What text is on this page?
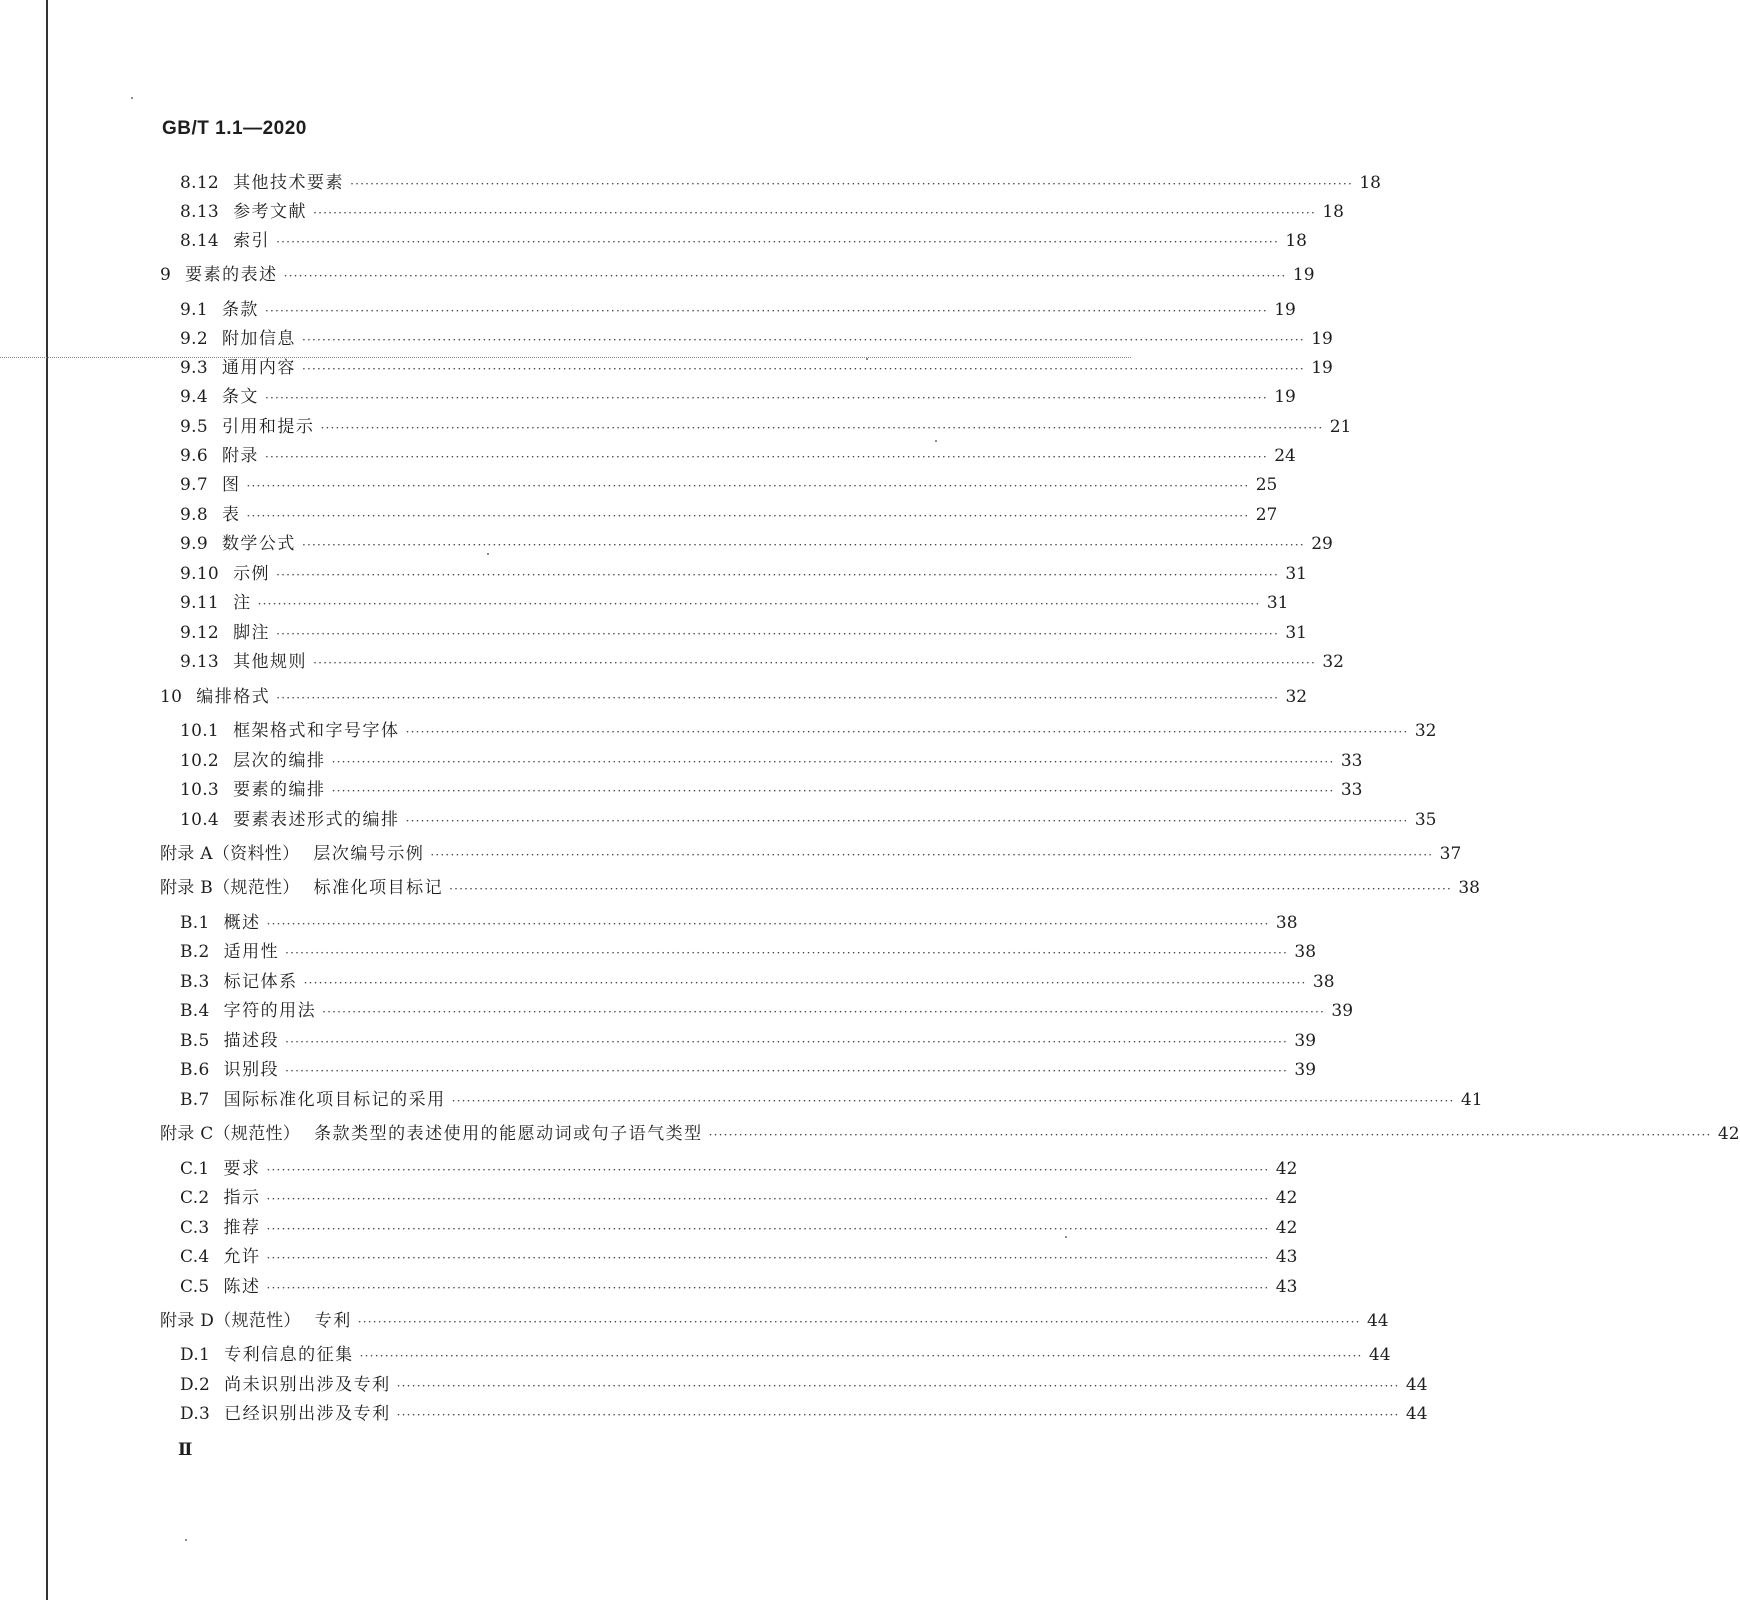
GB/T 1.1—2020
8.12 其他技术要素 ········································································································································································································ 18
8.13 参考文献 ········································································································································································································ 18
8.14 索引 ········································································································································································································ 18
9 要素的表述 ········································································································································································································ 19
9.1 条款 ········································································································································································································ 19
9.2 附加信息 ········································································································································································································ 19
9.3 通用内容 ········································································································································································································ 19
9.4 条文 ········································································································································································································ 19
9.5 引用和提示 ········································································································································································································ 21
9.6 附录 ········································································································································································································ 24
9.7 图 ········································································································································································································ 25
9.8 表 ········································································································································································································ 27
9.9 数学公式 ········································································································································································································ 29
9.10 示例 ········································································································································································································ 31
9.11 注 ········································································································································································································ 31
9.12 脚注 ········································································································································································································ 31
9.13 其他规则 ········································································································································································································ 32
10 编排格式 ········································································································································································································ 32
10.1 框架格式和字号字体 ········································································································································································································ 32
10.2 层次的编排 ········································································································································································································ 33
10.3 要素的编排 ········································································································································································································ 33
10.4 要素表述形式的编排 ········································································································································································································ 35
附录 A（资料性） 层次编号示例 ········································································································································································································ 37
附录 B（规范性） 标准化项目标记 ········································································································································································································ 38
B.1 概述 ········································································································································································································ 38
B.2 适用性 ········································································································································································································ 38
B.3 标记体系 ········································································································································································································ 38
B.4 字符的用法 ········································································································································································································ 39
B.5 描述段 ········································································································································································································ 39
B.6 识别段 ········································································································································································································ 39
B.7 国际标准化项目标记的采用 ········································································································································································································ 41
附录 C（规范性） 条款类型的表述使用的能愿动词或句子语气类型 ········································································································································································································ 42
C.1 要求 ········································································································································································································ 42
C.2 指示 ········································································································································································································ 42
C.3 推荐 ········································································································································································································ 42
C.4 允许 ········································································································································································································ 43
C.5 陈述 ········································································································································································································ 43
附录 D（规范性） 专利 ········································································································································································································ 44
D.1 专利信息的征集 ········································································································································································································ 44
D.2 尚未识别出涉及专利 ········································································································································································································ 44
D.3 已经识别出涉及专利 ········································································································································································································ 44
Ⅱ
